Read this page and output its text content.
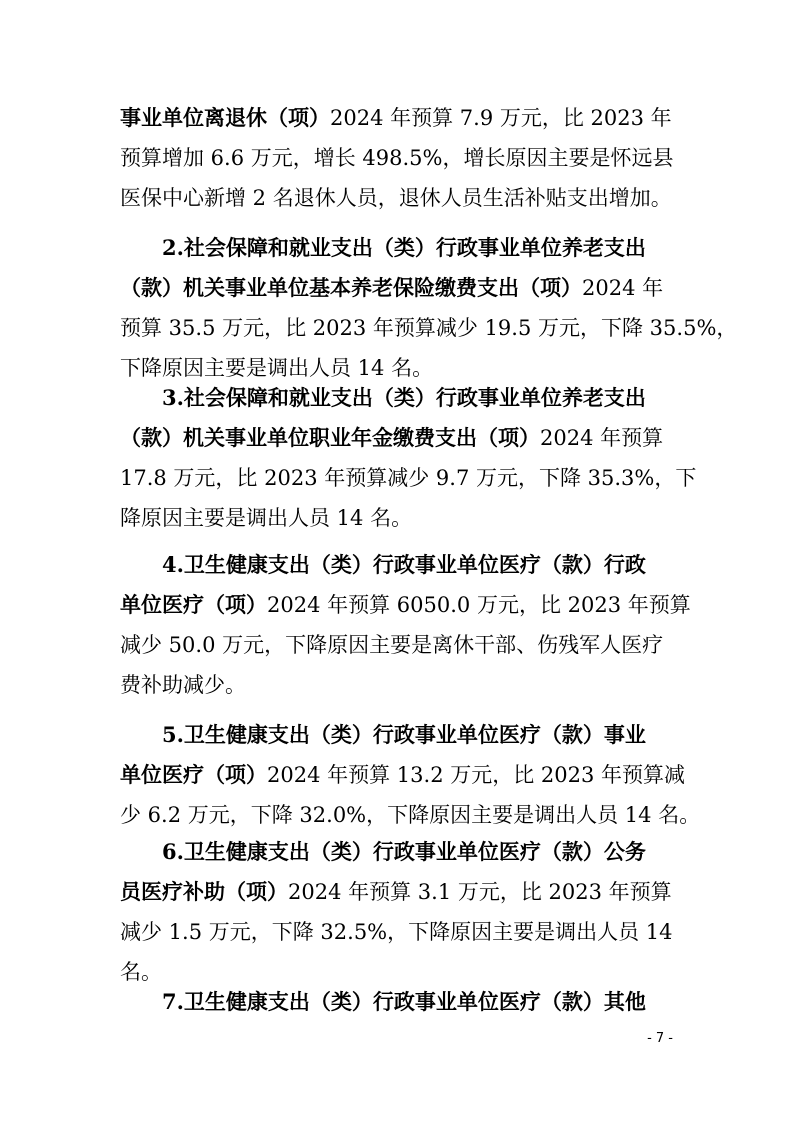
事业单位离退休（项）2024 年预算 7.9 万元，比 2023 年
预算增加 6.6 万元，增长 498.5%，增长原因主要是怀远县
医保中心新增 2 名退休人员，退休人员生活补贴支出增加。
2.社会保障和就业支出（类）行政事业单位养老支出
（款）机关事业单位基本养老保险缴费支出（项）2024 年
预算 35.5 万元，比 2023 年预算减少 19.5 万元，下降 35.5%，
下降原因主要是调出人员 14 名。
3.社会保障和就业支出（类）行政事业单位养老支出
（款）机关事业单位职业年金缴费支出（项）2024 年预算
17.8 万元，比 2023 年预算减少 9.7 万元，下降 35.3%，下
降原因主要是调出人员 14 名。
4.卫生健康支出（类）行政事业单位医疗（款）行政
单位医疗（项）2024 年预算 6050.0 万元，比 2023 年预算
减少 50.0 万元，下降原因主要是离休干部、伤残军人医疗
费补助减少。
5.卫生健康支出（类）行政事业单位医疗（款）事业
单位医疗（项）2024 年预算 13.2 万元，比 2023 年预算减
少 6.2 万元，下降 32.0%，下降原因主要是调出人员 14 名。
6.卫生健康支出（类）行政事业单位医疗（款）公务
员医疗补助（项）2024 年预算 3.1 万元，比 2023 年预算
减少 1.5 万元，下降 32.5%，下降原因主要是调出人员 14
名。
7.卫生健康支出（类）行政事业单位医疗（款）其他
- 7 -
